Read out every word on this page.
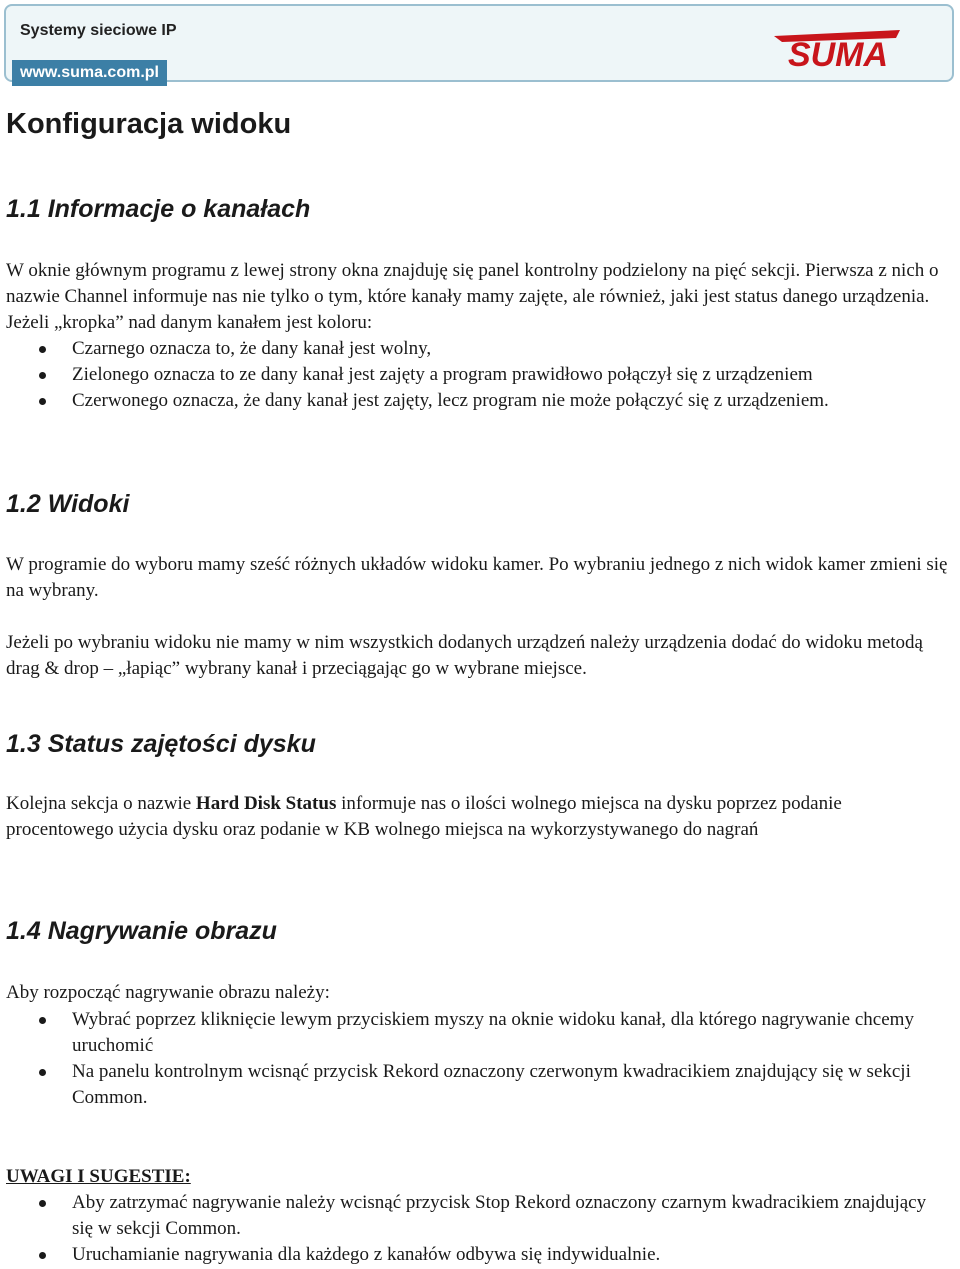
Systemy sieciowe IP
www.suma.com.pl	SUMA
Konfiguracja widoku
1.1 Informacje o kanałach

W oknie głównym programu z lewej strony okna znajduję się panel kontrolny podzielony na pięć sekcji. Pierwsza z nich o nazwie Channel informuje nas nie tylko o tym, które kanały mamy zajęte, ale również, jaki jest status danego urządzenia. Jeżeli „kropka” nad danym kanałem jest koloru:

Czarnego oznacza to, że dany kanał jest wolny,
Zielonego oznacza to ze dany kanał jest zajęty a program prawidłowo połączył się z urządzeniem
Czerwonego oznacza, że dany kanał jest zajęty, lecz program nie może połączyć się z urządzeniem.
1.2 Widoki

W programie do wyboru mamy sześć różnych układów widoku kamer. Po wybraniu jednego z nich widok kamer zmieni się na wybrany.

Jeżeli po wybraniu widoku nie mamy w nim wszystkich dodanych urządzeń należy urządzenia dodać do widoku metodą drag & drop – „łapiąc” wybrany kanał i przeciągając go w wybrane miejsce.

1.3 Status zajętości dysku

Kolejna sekcja o nazwie Hard Disk Status informuje nas o ilości wolnego miejsca na dysku poprzez podanie procentowego użycia dysku oraz podanie w KB wolnego miejsca na wykorzystywanego do nagrań

1.4 Nagrywanie obrazu

Aby rozpocząć nagrywanie obrazu należy:

Wybrać poprzez kliknięcie lewym przyciskiem myszy na oknie widoku kanał, dla którego nagrywanie chcemy uruchomić
Na panelu kontrolnym wcisnąć przycisk Rekord oznaczony czerwonym kwadracikiem znajdujący się w sekcji Common.

UWAGI I SUGESTIE:

Aby zatrzymać nagrywanie należy wcisnąć przycisk Stop Rekord oznaczony czarnym kwadracikiem znajdujący się w sekcji Common.
Uruchamianie nagrywania dla każdego z kanałów odbywa się indywidualnie.
